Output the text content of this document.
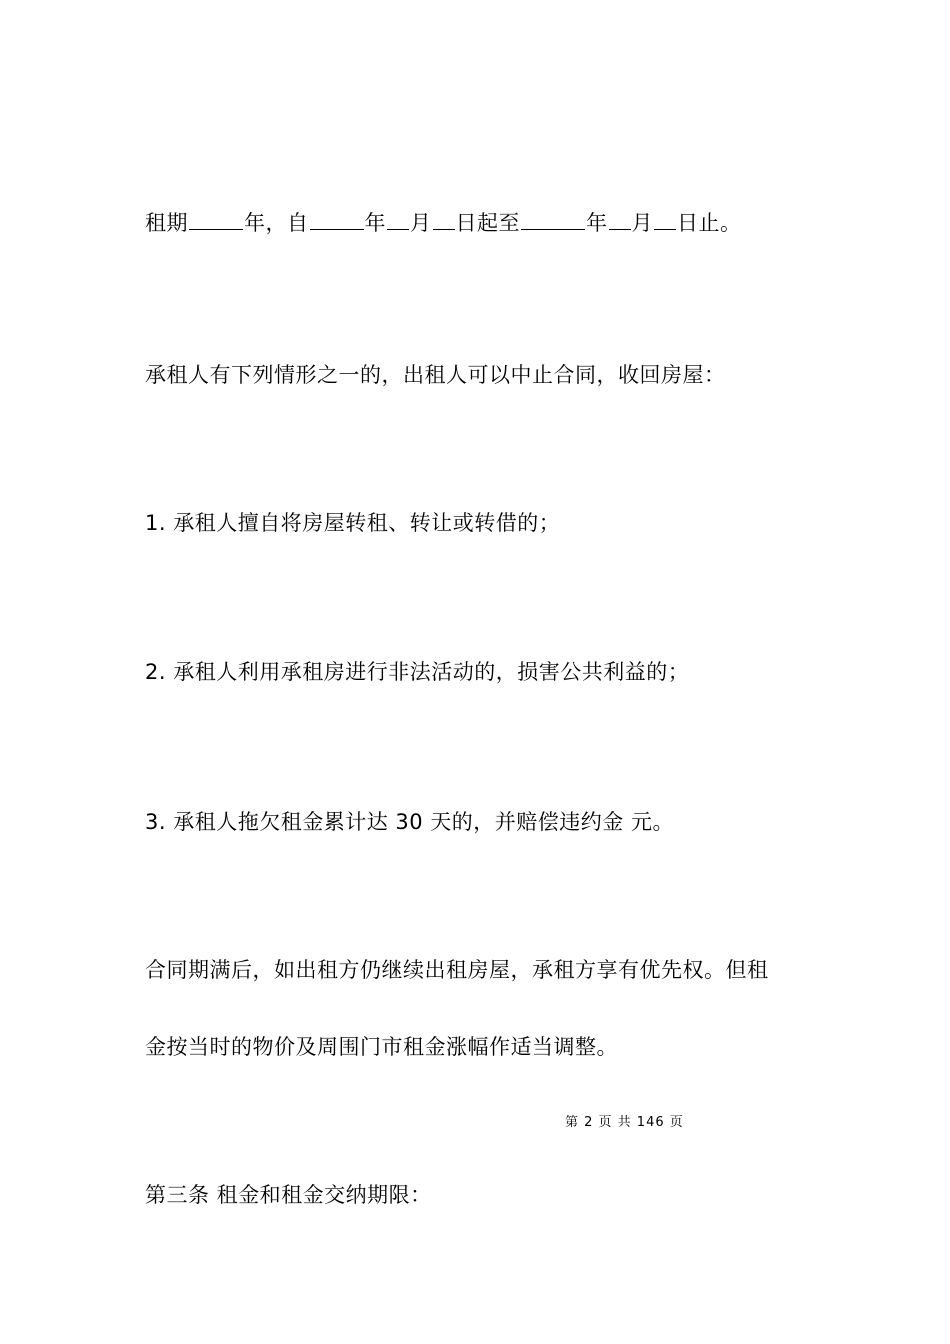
租期	年，自	年 月 日起至	年 月 日止。
承租人有下列情形之一的，出租人可以中止合同，收回房屋：
1. 承租人擅自将房屋转租、转让或转借的；
2. 承租人利用承租房进行非法活动的，损害公共利益的；
3. 承租人拖欠租金累计达 30 天的，并赔偿违约金 元。
合同期满后，如出租方仍继续出租房屋，承租方享有优先权。但租
金按当时的物价及周围门市租金涨幅作适当调整。
第 2 页 共 146 页
第三条 租金和租金交纳期限：
